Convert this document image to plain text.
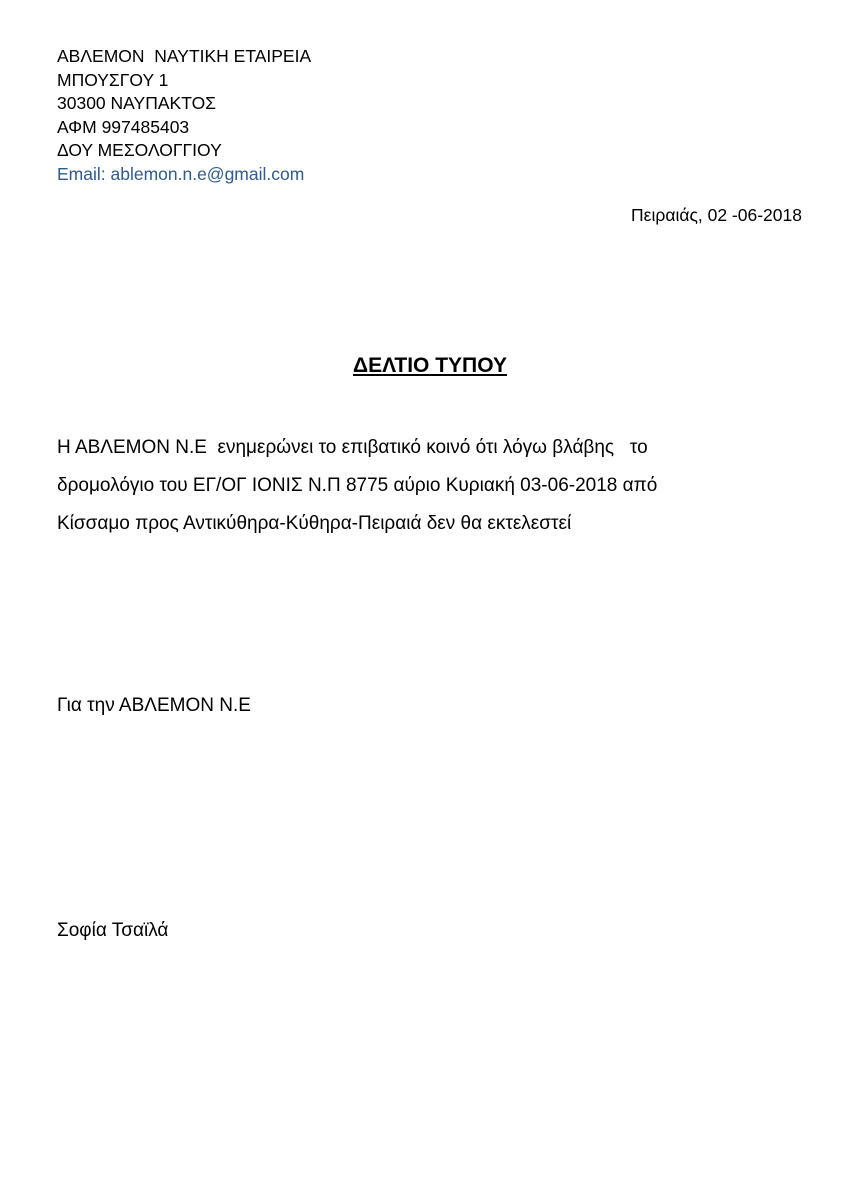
ΑΒΛΕΜΟΝ  ΝΑΥΤΙΚΗ ΕΤΑΙΡΕΙΑ
ΜΠΟΥΣΓΟΥ 1
30300 ΝΑΥΠΑΚΤΟΣ
ΑΦΜ 997485403
ΔΟΥ ΜΕΣΟΛΟΓΓΙΟΥ
Email: ablemon.n.e@gmail.com
Πειραιάς, 02 -06-2018
ΔΕΛΤΙΟ ΤΥΠΟΥ
Η ΑΒΛΕΜΟΝ Ν.Ε  ενημερώνει το επιβατικό κοινό ότι λόγω βλάβης   το
δρομολόγιο του ΕΓ/ΟΓ ΙΟΝΙΣ Ν.Π 8775 αύριο Κυριακή 03-06-2018 από
Κίσσαμο προς Αντικύθηρα-Κύθηρα-Πειραιά δεν θα εκτελεστεί
Για την ΑΒΛΕΜΟΝ Ν.Ε
Σοφία Τσαϊλά
